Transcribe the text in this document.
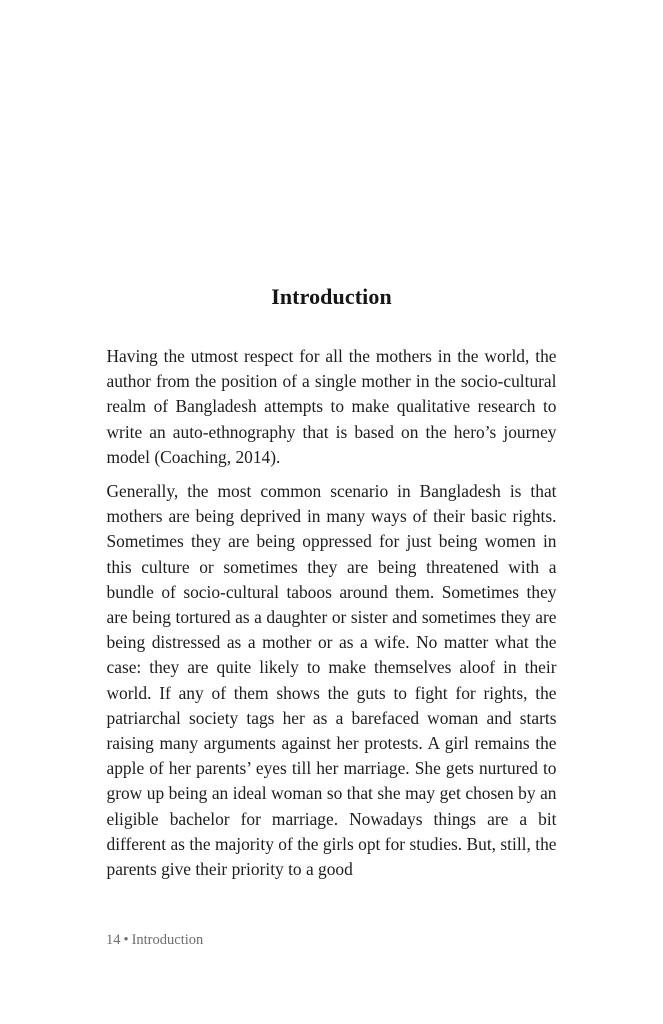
Introduction

Having the utmost respect for all the mothers in the world, the author from the position of a single mother in the socio-cultural realm of Bangladesh attempts to make qualitative research to write an auto-ethnography that is based on the hero’s journey model (Coaching, 2014).

Generally, the most common scenario in Bangladesh is that mothers are being deprived in many ways of their basic rights. Sometimes they are being oppressed for just being women in this culture or sometimes they are being threatened with a bundle of socio-cultural taboos around them. Sometimes they are being tortured as a daughter or sister and sometimes they are being distressed as a mother or as a wife. No matter what the case: they are quite likely to make themselves aloof in their world. If any of them shows the guts to fight for rights, the patriarchal society tags her as a barefaced woman and starts raising many arguments against her protests. A girl remains the apple of her parents’ eyes till her marriage. She gets nurtured to grow up being an ideal woman so that she may get chosen by an eligible bachelor for marriage. Nowadays things are a bit different as the majority of the girls opt for studies. But, still, the parents give their priority to a good

14 • Introduction
